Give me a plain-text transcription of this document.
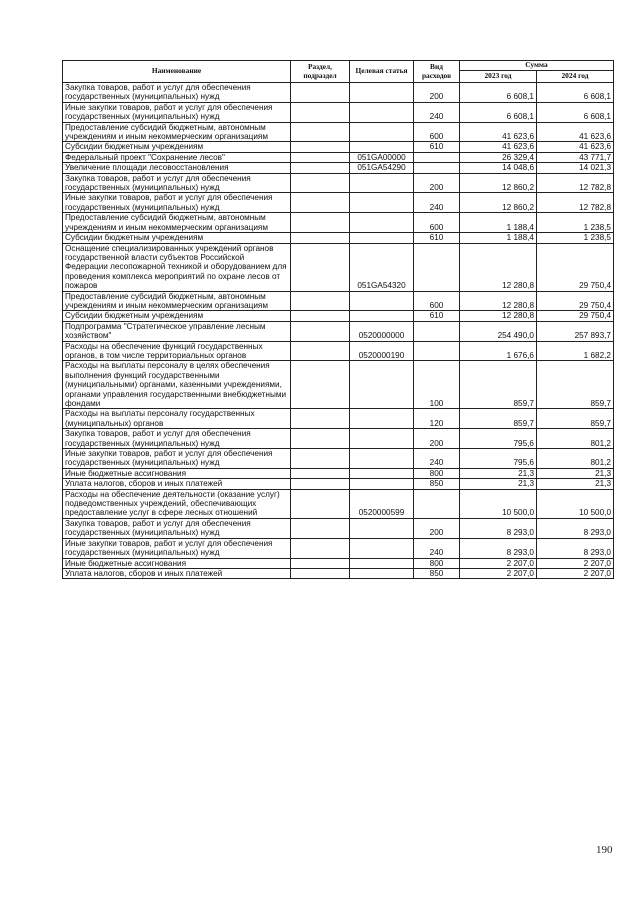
Наименование	Раздел, подраздел	Целевая статья	Вид расходов	Сумма	
				2023 год	2024 год
Закупка товаров, работ и услуг для обеспечения государственных (муниципальных) нужд			200	6 608,1	6 608,1
Иные закупки товаров, работ и услуг для обеспечения государственных (муниципальных) нужд			240	6 608,1	6 608,1
Предоставление субсидий бюджетным, автономным учреждениям и иным некоммерческим организациям			600	41 623,6	41 623,6
Субсидии бюджетным учреждениям			610	41 623,6	41 623,6
Федеральный проект "Сохранение лесов"		051GA00000		26 329,4	43 771,7
Увеличение площади лесовосстановления		051GA54290		14 048,6	14 021,3
Закупка товаров, работ и услуг для обеспечения государственных (муниципальных) нужд			200	12 860,2	12 782,8
Иные закупки товаров, работ и услуг для обеспечения государственных (муниципальных) нужд			240	12 860,2	12 782,8
Предоставление субсидий бюджетным, автономным учреждениям и иным некоммерческим организациям			600	1 188,4	1 238,5
Субсидии бюджетным учреждениям			610	1 188,4	1 238,5
Оснащение специализированных учреждений органов государственной власти субъектов Российской Федерации лесопожарной техникой и оборудованием для проведения комплекса мероприятий по охране лесов от пожаров		051GA54320		12 280,8	29 750,4
Предоставление субсидий бюджетным, автономным учреждениям и иным некоммерческим организациям			600	12 280,8	29 750,4
Субсидии бюджетным учреждениям			610	12 280,8	29 750,4
Подпрограмма "Стратегическое управление лесным хозяйством"		0520000000		254 490,0	257 893,7
Расходы на обеспечение функций государственных органов, в том числе территориальных органов		0520000190		1 676,6	1 682,2
Расходы на выплаты персоналу в целях обеспечения выполнения функций государственными (муниципальными) органами, казенными учреждениями, органами управления государственными внебюджетными фондами			100	859,7	859,7
Расходы на выплаты персоналу государственных (муниципальных) органов			120	859,7	859,7
Закупка товаров, работ и услуг для обеспечения государственных (муниципальных) нужд			200	795,6	801,2
Иные закупки товаров, работ и услуг для обеспечения государственных (муниципальных) нужд			240	795,6	801,2
Иные бюджетные ассигнования			800	21,3	21,3
Уплата налогов, сборов и иных платежей			850	21,3	21,3
Расходы на обеспечение деятельности (оказание услуг) подведомственных учреждений, обеспечивающих предоставление услуг в сфере лесных отношений		0520000599		10 500,0	10 500,0
Закупка товаров, работ и услуг для обеспечения государственных (муниципальных) нужд			200	8 293,0	8 293,0
Иные закупки товаров, работ и услуг для обеспечения государственных (муниципальных) нужд			240	8 293,0	8 293,0
Иные бюджетные ассигнования			800	2 207,0	2 207,0
Уплата налогов, сборов и иных платежей			850	2 207,0	2 207,0
190
